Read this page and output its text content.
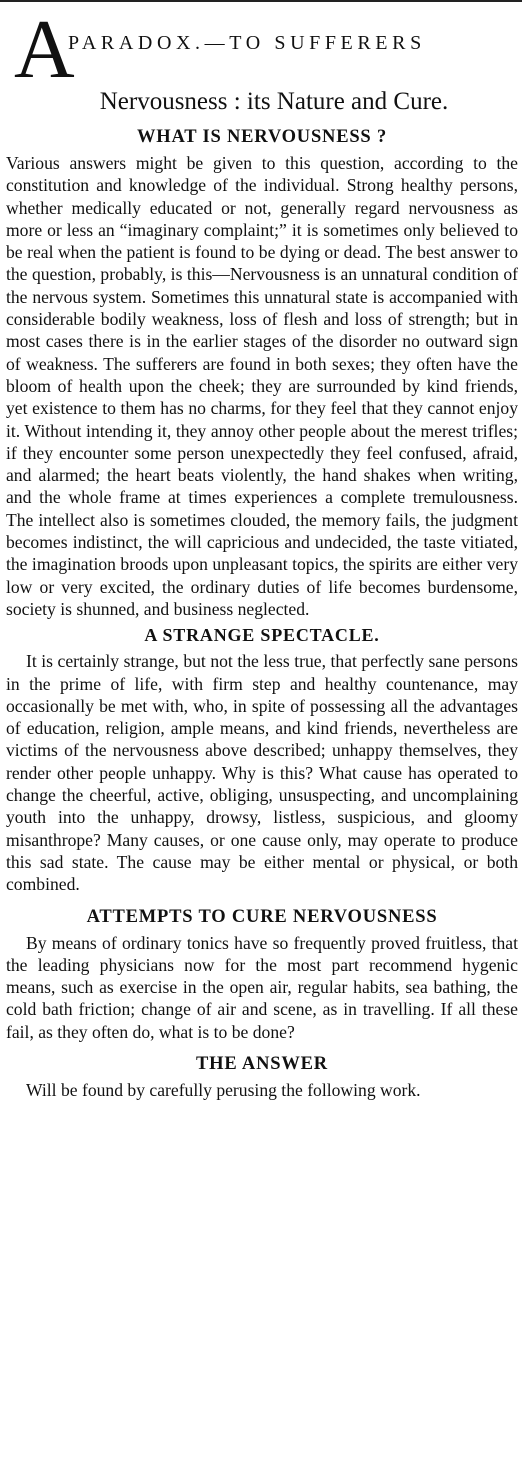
A
PARADOX.—TO SUFFERERS
Nervousness : its Nature and Cure.
WHAT IS NERVOUSNESS ?

Various answers might be given to this question, according to the constitution and knowledge of the individual. Strong healthy persons, whether medically educated or not, generally regard nervousness as more or less an “imaginary complaint;” it is sometimes only believed to be real when the patient is found to be dying or dead. The best answer to the question, probably, is this—Nervousness is an unnatural condition of the nervous system. Sometimes this unnatural state is accompanied with considerable bodily weakness, loss of flesh and loss of strength; but in most cases there is in the earlier stages of the disorder no outward sign of weakness. The sufferers are found in both sexes; they often have the bloom of health upon the cheek; they are surrounded by kind friends, yet existence to them has no charms, for they feel that they cannot enjoy it. Without intending it, they annoy other people about the merest trifles; if they encounter some person unexpectedly they feel confused, afraid, and alarmed; the heart beats violently, the hand shakes when writing, and the whole frame at times experiences a complete tremulousness. The intellect also is sometimes clouded, the memory fails, the judgment becomes indistinct, the will capricious and undecided, the taste vitiated, the imagination broods upon unpleasant topics, the spirits are either very low or very excited, the ordinary duties of life becomes burdensome, society is shunned, and business neglected.

A STRANGE SPECTACLE.

It is certainly strange, but not the less true, that perfectly sane persons in the prime of life, with firm step and healthy countenance, may occasionally be met with, who, in spite of possessing all the advantages of education, religion, ample means, and kind friends, nevertheless are victims of the nervousness above described; unhappy themselves, they render other people unhappy. Why is this? What cause has operated to change the cheerful, active, obliging, unsuspecting, and uncomplaining youth into the unhappy, drowsy, listless, suspicious, and gloomy misanthrope? Many causes, or one cause only, may operate to produce this sad state. The cause may be either mental or physical, or both combined.

ATTEMPTS TO CURE NERVOUSNESS

By means of ordinary tonics have so frequently proved fruitless, that the leading physicians now for the most part recommend hygenic means, such as exercise in the open air, regular habits, sea bathing, the cold bath friction; change of air and scene, as in travelling. If all these fail, as they often do, what is to be done?

THE ANSWER

Will be found by carefully perusing the following work.
